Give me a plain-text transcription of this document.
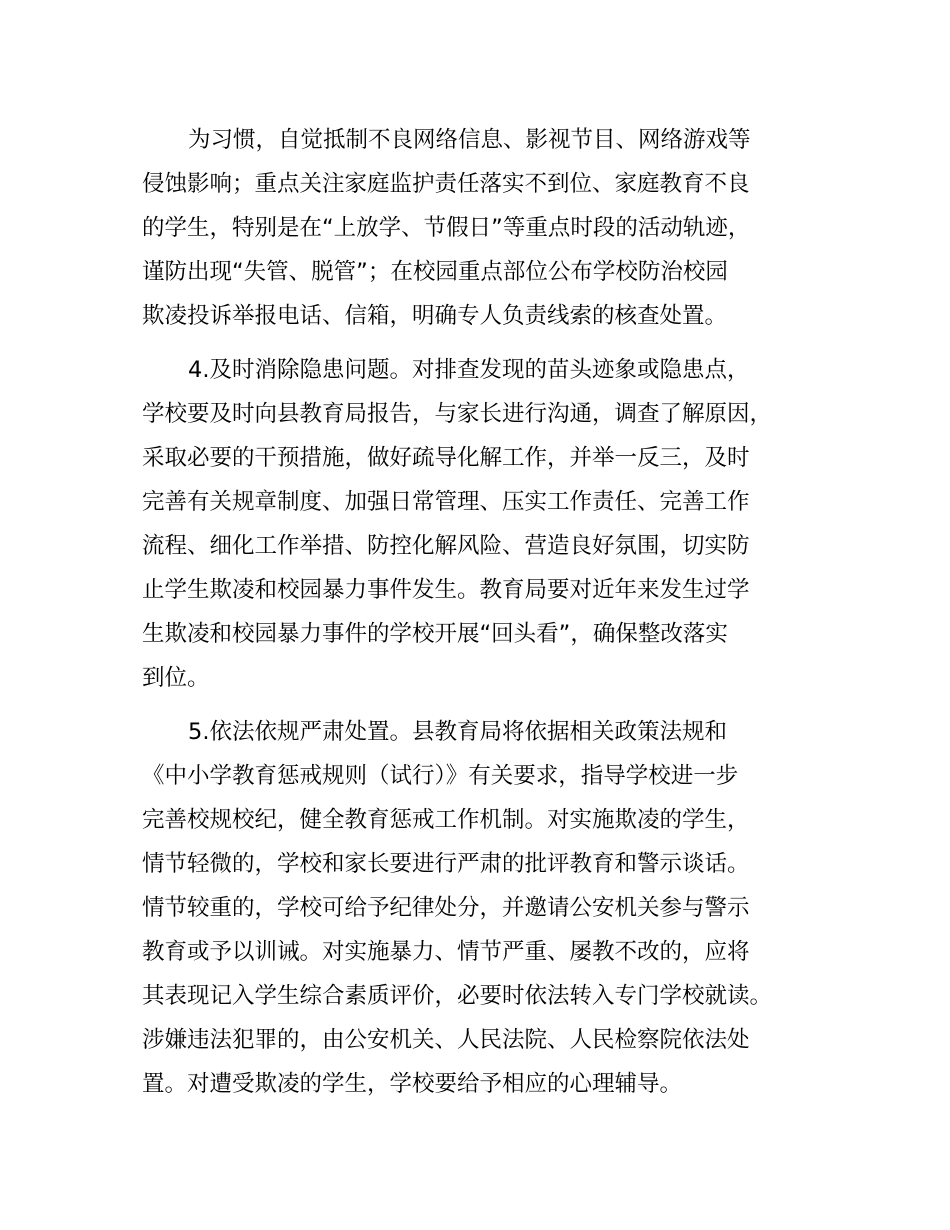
为习惯，自觉抵制不良网络信息、影视节目、网络游戏等
侵蚀影响；重点关注家庭监护责任落实不到位、家庭教育不良
的学生，特别是在“上放学、节假日”等重点时段的活动轨迹，
谨防出现“失管、脱管”；在校园重点部位公布学校防治校园
欺凌投诉举报电话、信箱，明确专人负责线索的核查处置。

4.及时消除隐患问题。对排查发现的苗头迹象或隐患点，
学校要及时向县教育局报告，与家长进行沟通，调查了解原因，
采取必要的干预措施，做好疏导化解工作，并举一反三，及时
完善有关规章制度、加强日常管理、压实工作责任、完善工作
流程、细化工作举措、防控化解风险、营造良好氛围，切实防
止学生欺凌和校园暴力事件发生。教育局要对近年来发生过学
生欺凌和校园暴力事件的学校开展“回头看”，确保整改落实
到位。

5.依法依规严肃处置。县教育局将依据相关政策法规和
《中小学教育惩戒规则（试行）》有关要求，指导学校进一步
完善校规校纪，健全教育惩戒工作机制。对实施欺凌的学生，
情节轻微的，学校和家长要进行严肃的批评教育和警示谈话。
情节较重的，学校可给予纪律处分，并邀请公安机关参与警示
教育或予以训诫。对实施暴力、情节严重、屡教不改的，应将
其表现记入学生综合素质评价，必要时依法转入专门学校就读。
涉嫌违法犯罪的，由公安机关、人民法院、人民检察院依法处
置。对遭受欺凌的学生，学校要给予相应的心理辅导。
